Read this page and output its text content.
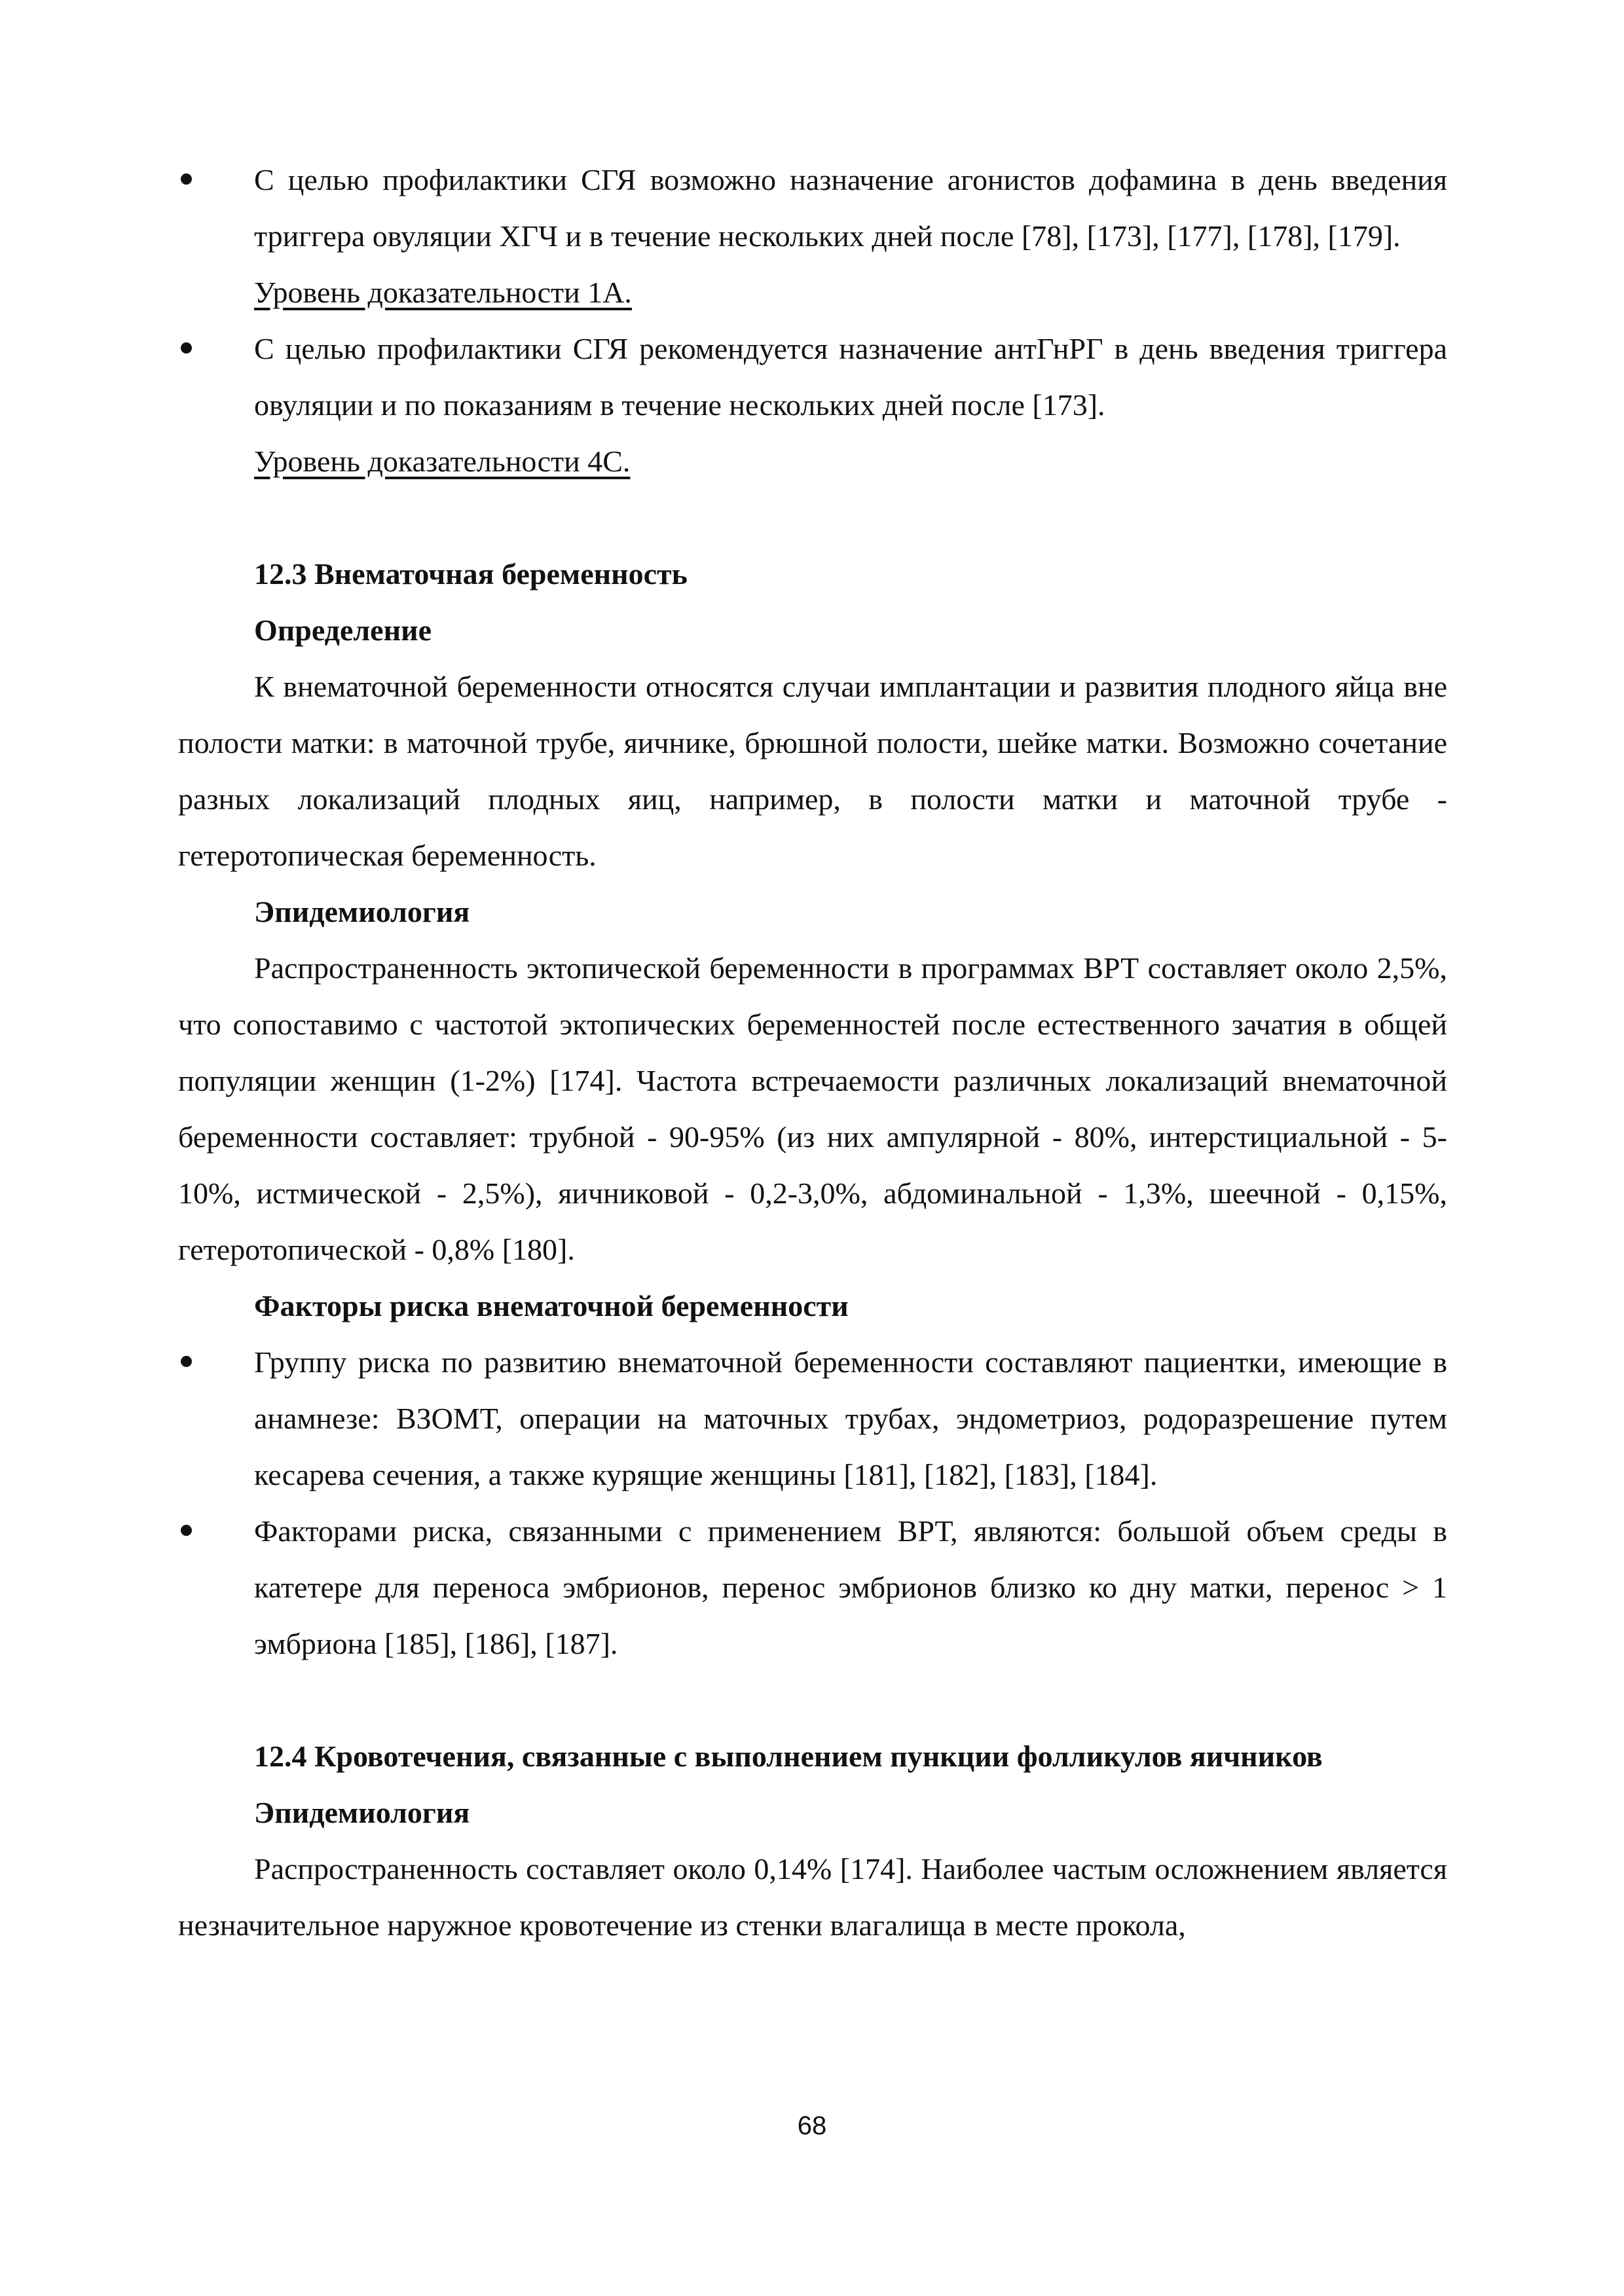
С целью профилактики СГЯ возможно назначение агонистов дофамина в день введения триггера овуляции ХГЧ и в течение нескольких дней после [78], [173], [177], [178], [179].

Уровень доказательности 1А.

С целью профилактики СГЯ рекомендуется назначение антГнРГ в день введения триггера овуляции и по показаниям в течение нескольких дней после [173].

Уровень доказательности 4С.

12.3 Внематочная беременность

Определение

К внематочной беременности относятся случаи имплантации и развития плодного яйца вне полости матки: в маточной трубе, яичнике, брюшной полости, шейке матки. Возможно сочетание разных локализаций плодных яиц, например, в полости матки и маточной трубе - гетеротопическая беременность.

Эпидемиология

Распространенность эктопической беременности в программах ВРТ составляет около 2,5%, что сопоставимо с частотой эктопических беременностей после естественного зачатия в общей популяции женщин (1-2%) [174]. Частота встречаемости различных локализаций внематочной беременности составляет: трубной - 90-95% (из них ампулярной - 80%, интерстициальной - 5-10%, истмической - 2,5%), яичниковой - 0,2-3,0%, абдоминальной - 1,3%, шеечной - 0,15%, гетеротопической - 0,8% [180].

Факторы риска внематочной беременности

Группу риска по развитию внематочной беременности составляют пациентки, имеющие в анамнезе: ВЗОМТ, операции на маточных трубах, эндометриоз, родоразрешение путем кесарева сечения, а также курящие женщины [181], [182], [183], [184].

Факторами риска, связанными с применением ВРТ, являются: большой объем среды в катетере для переноса эмбрионов, перенос эмбрионов близко ко дну матки, перенос > 1 эмбриона [185], [186], [187].

12.4 Кровотечения, связанные с выполнением пункции фолликулов яичников

Эпидемиология

Распространенность составляет около 0,14% [174]. Наиболее частым осложнением является незначительное наружное кровотечение из стенки влагалища в месте прокола,

68
